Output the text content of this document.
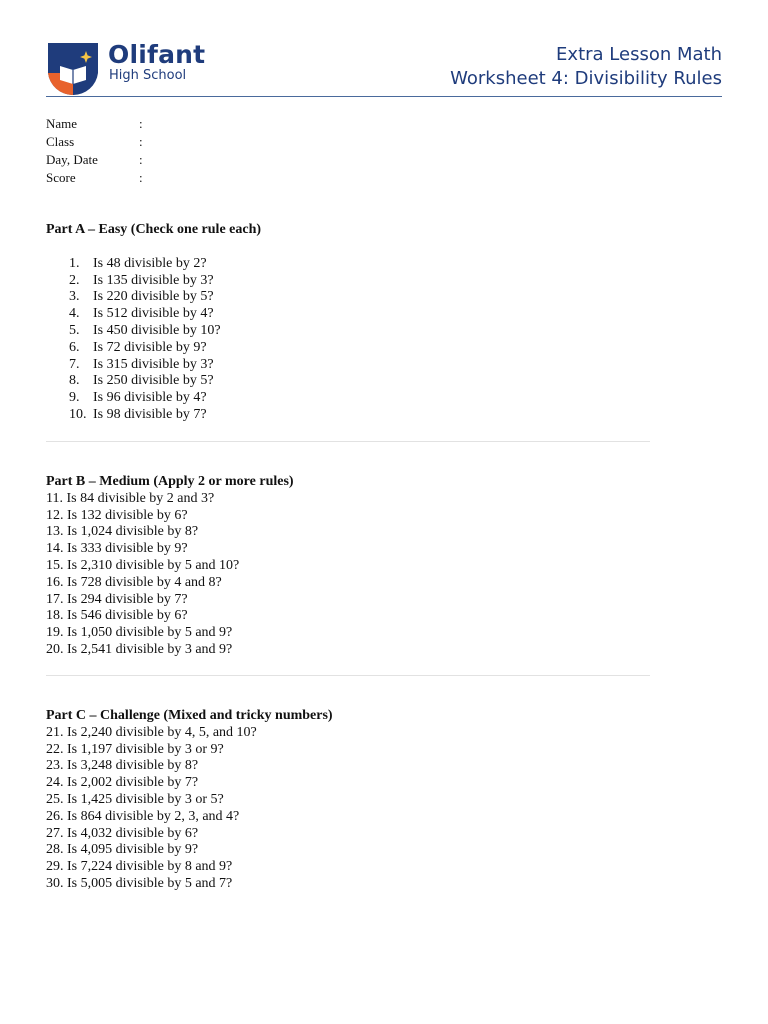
Olifant
High School
Extra Lesson Math
Worksheet 4: Divisibility Rules
Name	:
Class	:
Day, Date	:
Score	:
Part A – Easy (Check one rule each)
1. Is 48 divisible by 2?
2. Is 135 divisible by 3?
3. Is 220 divisible by 5?
4. Is 512 divisible by 4?
5. Is 450 divisible by 10?
6. Is 72 divisible by 9?
7. Is 315 divisible by 3?
8. Is 250 divisible by 5?
9. Is 96 divisible by 4?
10. Is 98 divisible by 7?
Part B – Medium (Apply 2 or more rules)
11. Is 84 divisible by 2 and 3?
12. Is 132 divisible by 6?
13. Is 1,024 divisible by 8?
14. Is 333 divisible by 9?
15. Is 2,310 divisible by 5 and 10?
16. Is 728 divisible by 4 and 8?
17. Is 294 divisible by 7?
18. Is 546 divisible by 6?
19. Is 1,050 divisible by 5 and 9?
20. Is 2,541 divisible by 3 and 9?
Part C – Challenge (Mixed and tricky numbers)
21. Is 2,240 divisible by 4, 5, and 10?
22. Is 1,197 divisible by 3 or 9?
23. Is 3,248 divisible by 8?
24. Is 2,002 divisible by 7?
25. Is 1,425 divisible by 3 or 5?
26. Is 864 divisible by 2, 3, and 4?
27. Is 4,032 divisible by 6?
28. Is 4,095 divisible by 9?
29. Is 7,224 divisible by 8 and 9?
30. Is 5,005 divisible by 5 and 7?
